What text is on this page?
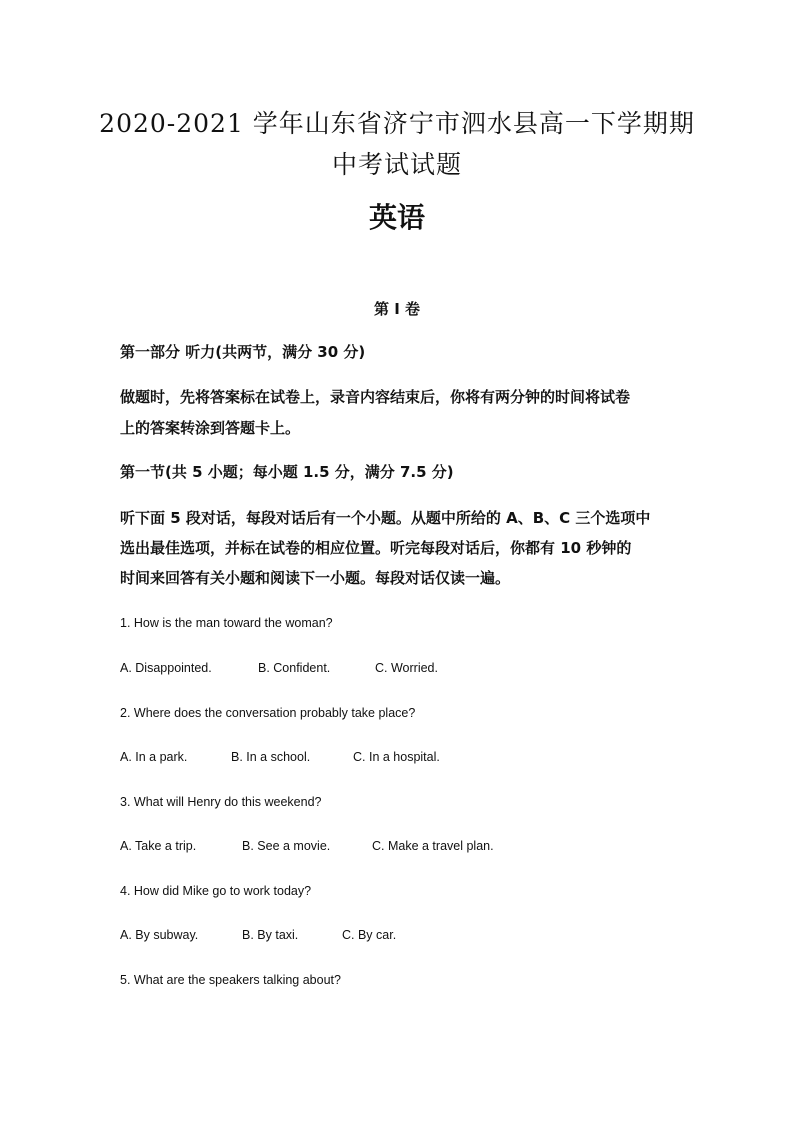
2020-2021 学年山东省济宁市泗水县高一下学期期
中考试试题
英语
第 I 卷
第一部分 听力(共两节，满分 30 分)
做题时，先将答案标在试卷上，录音内容结束后，你将有两分钟的时间将试卷
上的答案转涂到答题卡上。
第一节(共 5 小题；每小题 1.5 分，满分 7.5 分)
听下面 5 段对话，每段对话后有一个小题。从题中所给的 A、B、C 三个选项中
选出最佳选项，并标在试卷的相应位置。听完每段对话后，你都有 10 秒钟的
时间来回答有关小题和阅读下一小题。每段对话仅读一遍。
1. How is the man toward the woman?
A. Disappointed.	B. Confident.	C. Worried.
2. Where does the conversation probably take place?
A. In a park.	B. In a school.	C. In a hospital.
3. What will Henry do this weekend?
A. Take a trip.	B. See a movie.	C. Make a travel plan.
4. How did Mike go to work today?
A. By subway.	B. By taxi.	C. By car.
5. What are the speakers talking about?
